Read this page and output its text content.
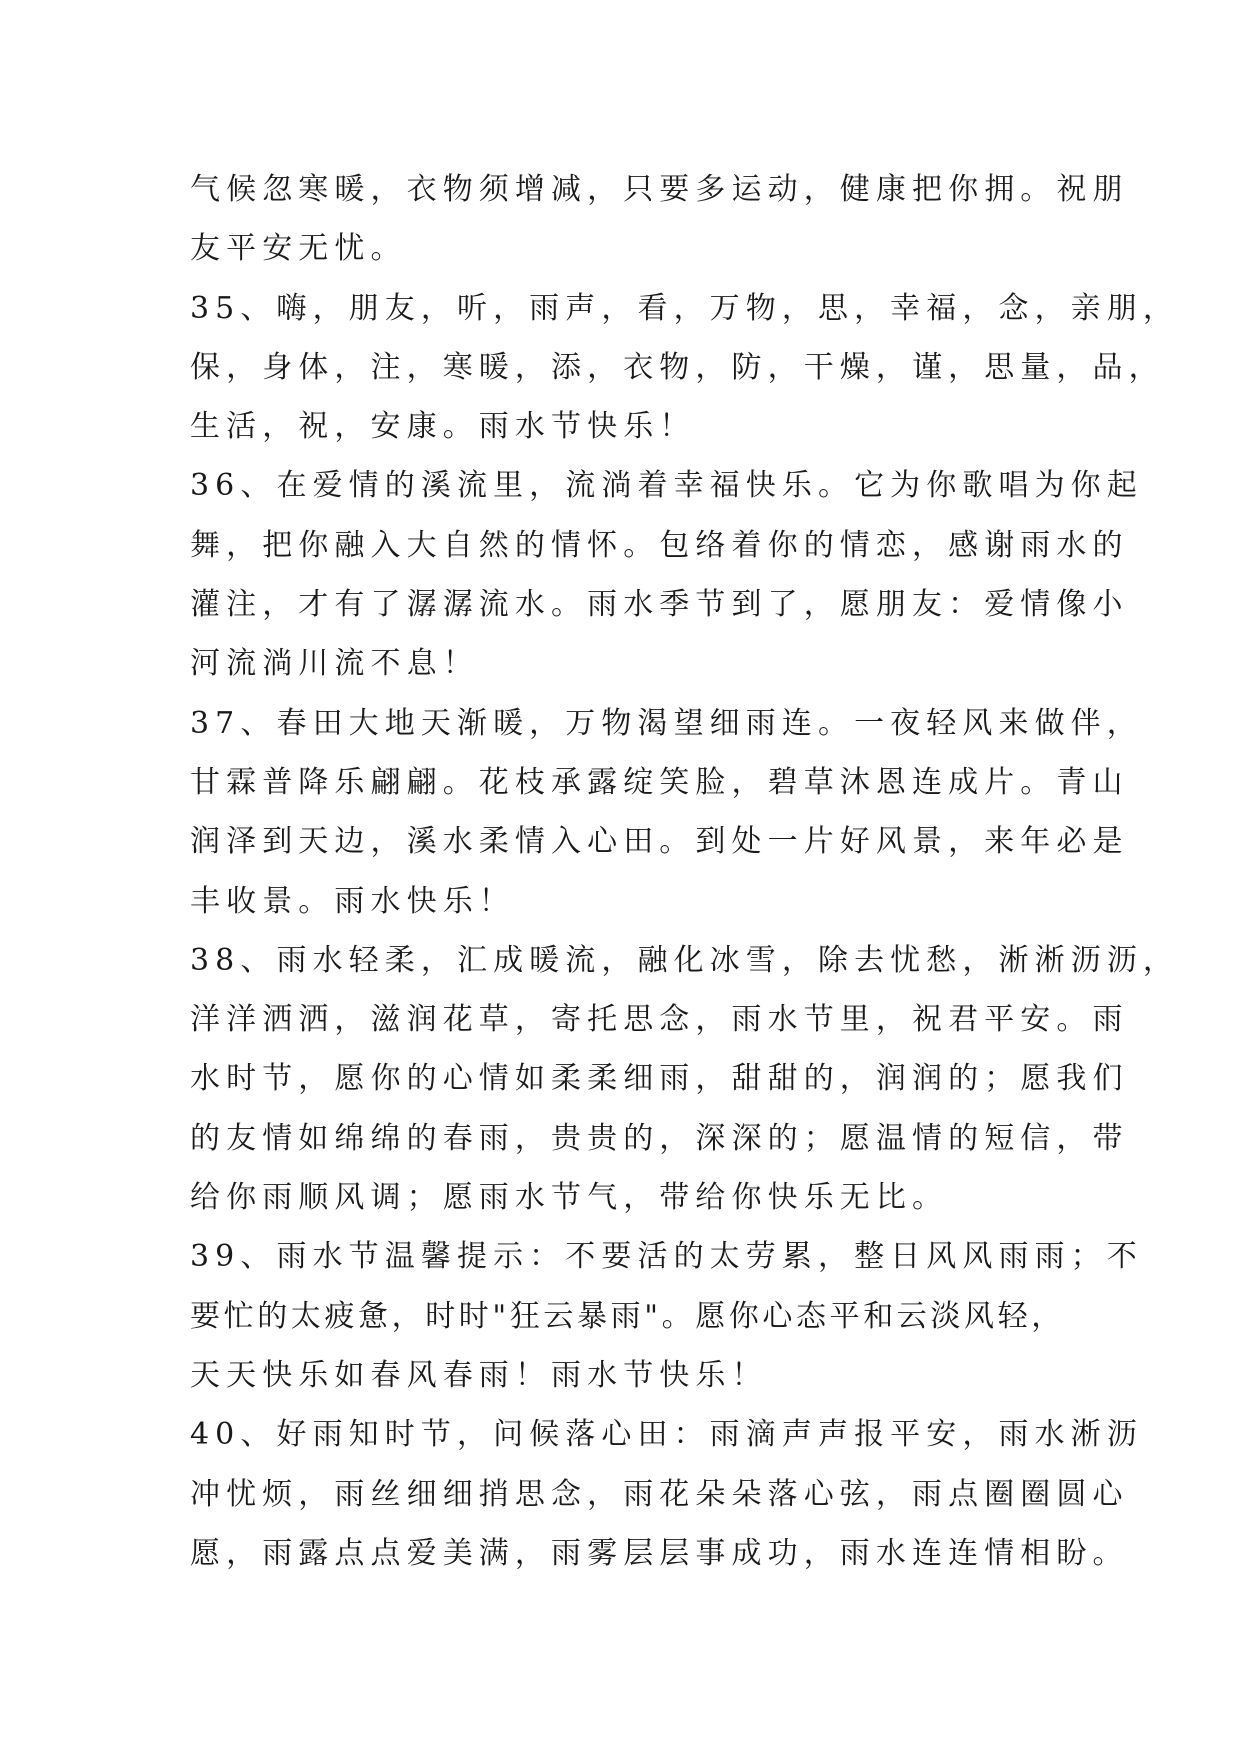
气候忽寒暖，衣物须增减，只要多运动，健康把你拥。祝朋
友平安无忧。
35、嗨，朋友，听，雨声，看，万物，思，幸福，念，亲朋，
保，身体，注，寒暖，添，衣物，防，干燥，谨，思量，品，
生活，祝，安康。雨水节快乐！
36、在爱情的溪流里，流淌着幸福快乐。它为你歌唱为你起
舞，把你融入大自然的情怀。包络着你的情恋，感谢雨水的
灌注，才有了潺潺流水。雨水季节到了，愿朋友：爱情像小
河流淌川流不息！
37、春田大地天渐暖，万物渴望细雨连。一夜轻风来做伴，
甘霖普降乐翩翩。花枝承露绽笑脸，碧草沐恩连成片。青山
润泽到天边，溪水柔情入心田。到处一片好风景，来年必是
丰收景。雨水快乐！
38、雨水轻柔，汇成暖流，融化冰雪，除去忧愁，淅淅沥沥，
洋洋洒洒，滋润花草，寄托思念，雨水节里，祝君平安。雨
水时节，愿你的心情如柔柔细雨，甜甜的，润润的；愿我们
的友情如绵绵的春雨，贵贵的，深深的；愿温情的短信，带
给你雨顺风调；愿雨水节气，带给你快乐无比。
39、雨水节温馨提示：不要活的太劳累，整日风风雨雨；不
要忙的太疲惫，时时"狂云暴雨"。愿你心态平和云淡风轻，
天天快乐如春风春雨！雨水节快乐！
40、好雨知时节，问候落心田：雨滴声声报平安，雨水淅沥
冲忧烦，雨丝细细捎思念，雨花朵朵落心弦，雨点圈圈圆心
愿，雨露点点爱美满，雨雾层层事成功，雨水连连情相盼。
